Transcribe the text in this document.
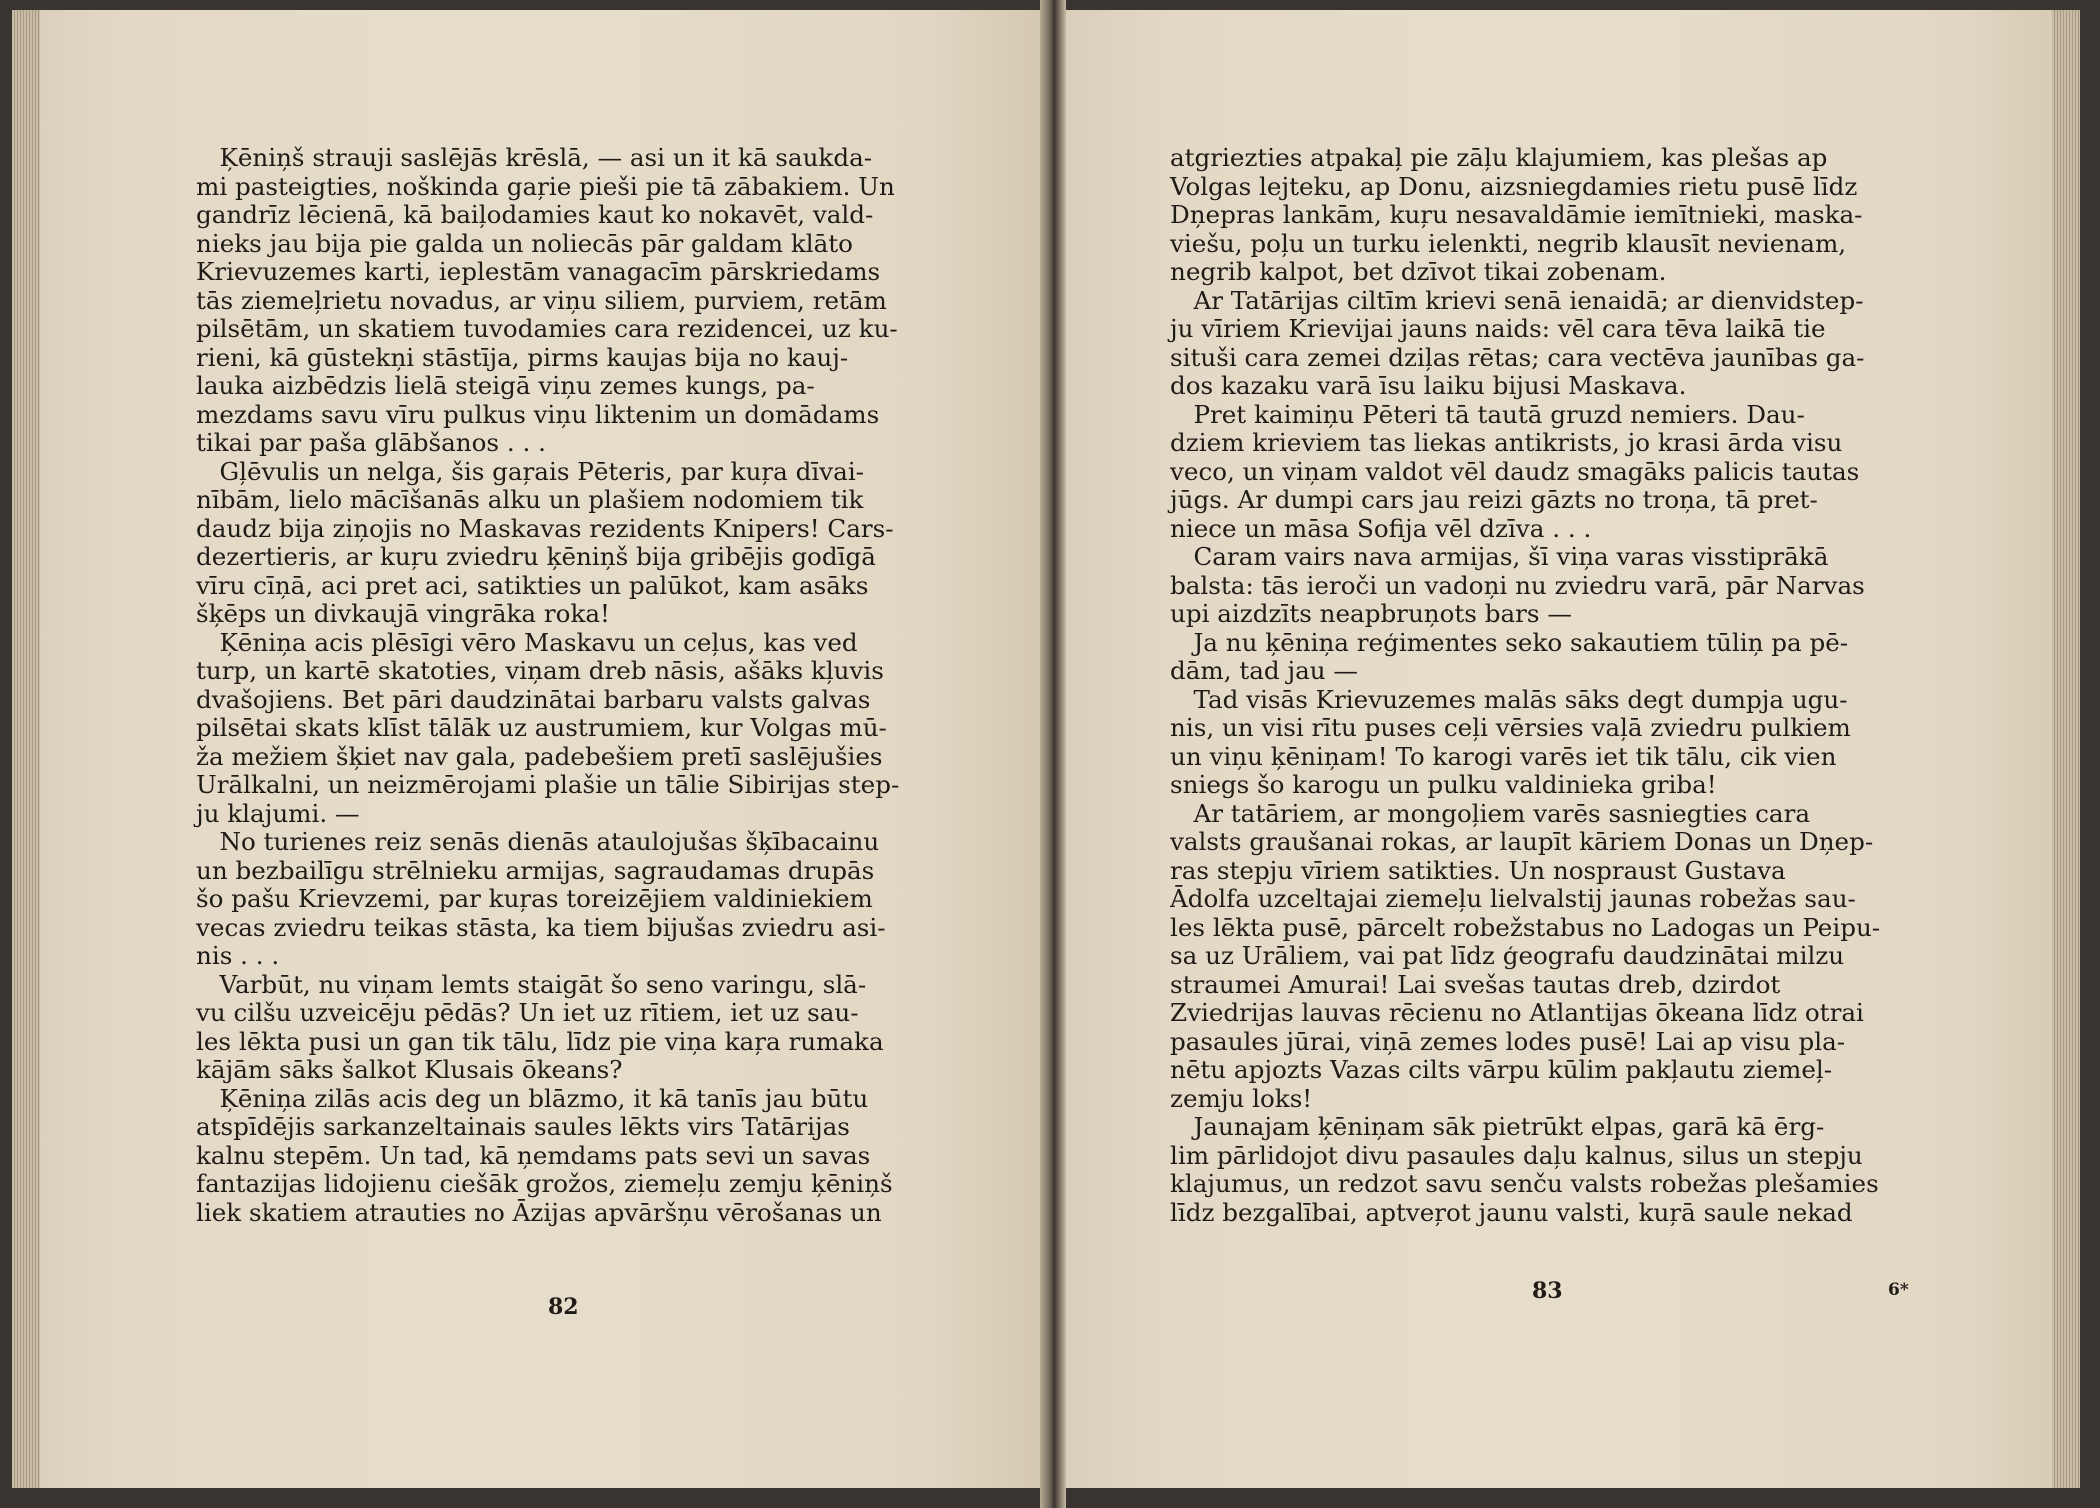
Ķēniņš strauji saslējās krēslā, — asi un it kā saukda-
mi pasteigties, noškinda gaŗie pieši pie tā zābakiem. Un
gandrīz lēcienā, kā baiļodamies kaut ko nokavēt, vald-
nieks jau bija pie galda un noliecās pār galdam klāto
Krievuzemes karti, ieplestām vanagacīm pārskriedams
tās ziemeļrietu novadus, ar viņu siliem, purviem, retām
pilsētām, un skatiem tuvodamies cara rezidencei, uz ku-
rieni, kā gūstekņi stāstīja, pirms kaujas bija no kauj-
lauka aizbēdzis lielā steigā viņu zemes kungs, pa-
mezdams savu vīru pulkus viņu liktenim un domādams
tikai par paša glābšanos . . .
Gļēvulis un nelga, šis gaŗais Pēteris, par kuŗa dīvai-
nībām, lielo mācīšanās alku un plašiem nodomiem tik
daudz bija ziņojis no Maskavas rezidents Knipers! Cars-
dezertieris, ar kuŗu zviedru ķēniņš bija gribējis godīgā
vīru cīņā, aci pret aci, satikties un palūkot, kam asāks
šķēps un divkaujā vingrāka roka!
Ķēniņa acis plēsīgi vēro Maskavu un ceļus, kas ved
turp, un kartē skatoties, viņam dreb nāsis, ašāks kļuvis
dvašojiens. Bet pāri daudzinātai barbaru valsts galvas
pilsētai skats klīst tālāk uz austrumiem, kur Volgas mū-
ža mežiem šķiet nav gala, padebešiem pretī saslējušies
Urālkalni, un neizmērojami plašie un tālie Sibirijas step-
ju klajumi. —
No turienes reiz senās dienās ataulojušas šķībacainu
un bezbailīgu strēlnieku armijas, sagraudamas drupās
šo pašu Krievzemi, par kuŗas toreizējiem valdiniekiem
vecas zviedru teikas stāsta, ka tiem bijušas zviedru asi-
nis . . .
Varbūt, nu viņam lemts staigāt šo seno varingu, slā-
vu cilšu uzveicēju pēdās? Un iet uz rītiem, iet uz sau-
les lēkta pusi un gan tik tālu, līdz pie viņa kaŗa rumaka
kājām sāks šalkot Klusais ōkeans?
Ķēniņa zilās acis deg un blāzmo, it kā tanīs jau būtu
atspīdējis sarkanzeltainais saules lēkts virs Tatārijas
kalnu stepēm. Un tad, kā ņemdams pats sevi un savas
fantazijas lidojienu ciešāk grožos, ziemeļu zemju ķēniņš
liek skatiem atrauties no Āzijas apvāršņu vērošanas un
82
atgriezties atpakaļ pie zāļu klajumiem, kas plešas ap
Volgas lejteku, ap Donu, aizsniegdamies rietu pusē līdz
Dņepras lankām, kuŗu nesavaldāmie iemītnieki, maska-
viešu, poļu un turku ielenkti, negrib klausīt nevienam,
negrib kalpot, bet dzīvot tikai zobenam.
Ar Tatārijas ciltīm krievi senā ienaidā; ar dienvidstep-
ju vīriem Krievijai jauns naids: vēl cara tēva laikā tie
situši cara zemei dziļas rētas; cara vectēva jaunības ga-
dos kazaku varā īsu laiku bijusi Maskava.
Pret kaimiņu Pēteri tā tautā gruzd nemiers. Dau-
dziem krieviem tas liekas antikrists, jo krasi ārda visu
veco, un viņam valdot vēl daudz smagāks palicis tautas
jūgs. Ar dumpi cars jau reizi gāzts no troņa, tā pret-
niece un māsa Sofija vēl dzīva . . .
Caram vairs nava armijas, šī viņa varas visstiprākā
balsta: tās ieroči un vadoņi nu zviedru varā, pār Narvas
upi aizdzīts neapbruņots bars —
Ja nu ķēniņa reģimentes seko sakautiem tūliņ pa pē-
dām, tad jau —
Tad visās Krievuzemes malās sāks degt dumpja ugu-
nis, un visi rītu puses ceļi vērsies vaļā zviedru pulkiem
un viņu ķēniņam! To karogi varēs iet tik tālu, cik vien
sniegs šo karogu un pulku valdinieka griba!
Ar tatāriem, ar mongoļiem varēs sasniegties cara
valsts graušanai rokas, ar laupīt kāriem Donas un Dņep-
ras stepju vīriem satikties. Un nospraust Gustava
Ādolfa uzceltajai ziemeļu lielvalstij jaunas robežas sau-
les lēkta pusē, pārcelt robežstabus no Ladogas un Peipu-
sa uz Urāliem, vai pat līdz ģeografu daudzinātai milzu
straumei Amurai! Lai svešas tautas dreb, dzirdot
Zviedrijas lauvas rēcienu no Atlantijas ōkeana līdz otrai
pasaules jūrai, viņā zemes lodes pusē! Lai ap visu pla-
nētu apjozts Vazas cilts vārpu kūlim pakļautu ziemeļ-
zemju loks!
Jaunajam ķēniņam sāk pietrūkt elpas, garā kā ērg-
lim pārlidojot divu pasaules daļu kalnus, silus un stepju
klajumus, un redzot savu senču valsts robežas plešamies
līdz bezgalībai, aptveŗot jaunu valsti, kuŗā saule nekad
83	6*
